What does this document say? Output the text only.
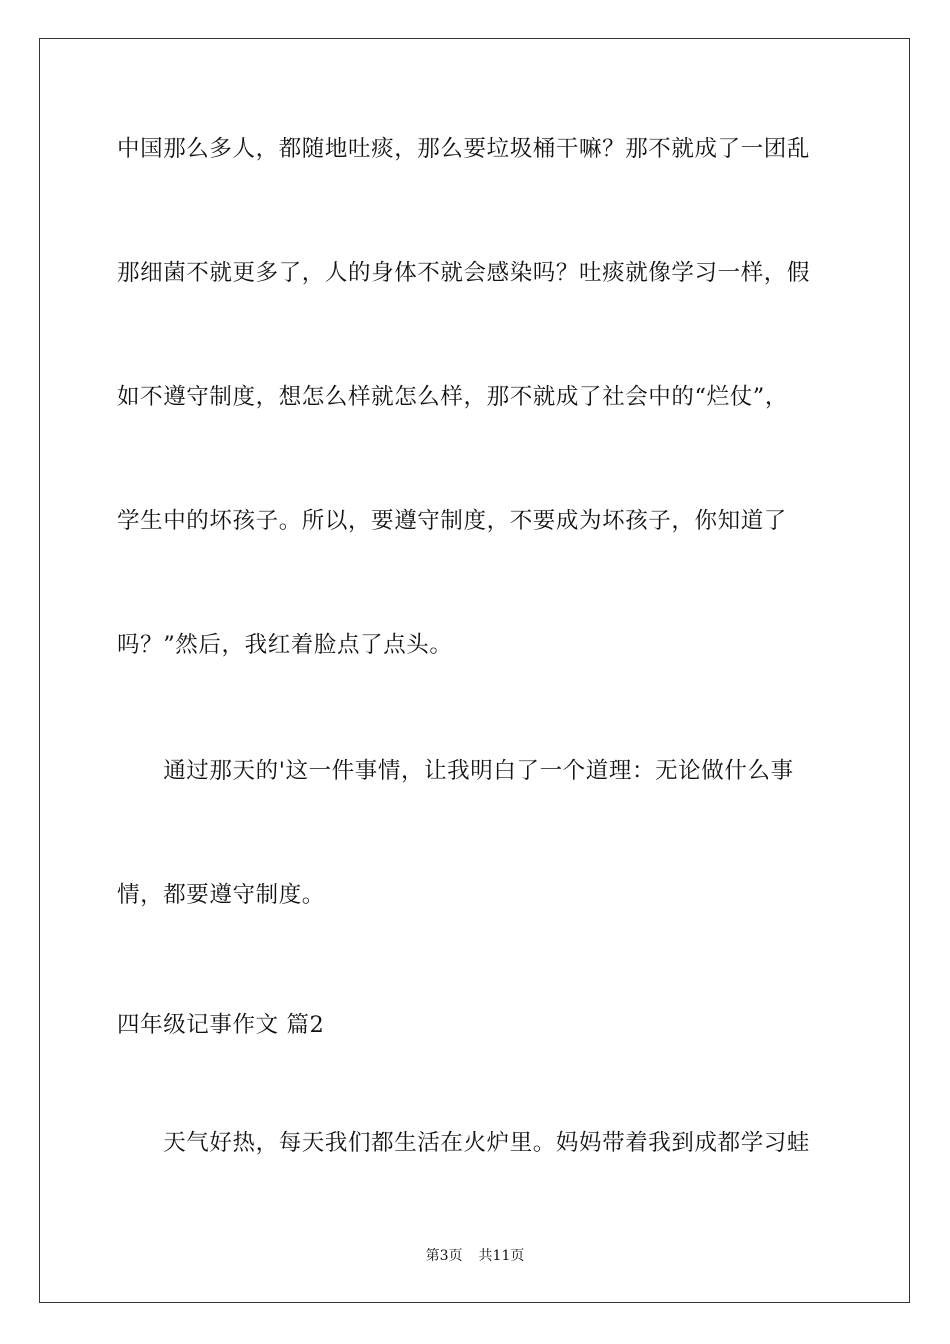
中国那么多人，都随地吐痰，那么要垃圾桶干嘛？那不就成了一团乱
那细菌不就更多了，人的身体不就会感染吗？吐痰就像学习一样，假
如不遵守制度，想怎么样就怎么样，那不就成了社会中的“烂仗”，
学生中的坏孩子。所以，要遵守制度，不要成为坏孩子，你知道了
吗？”然后，我红着脸点了点头。
　　通过那天的'这一件事情，让我明白了一个道理：无论做什么事
情，都要遵守制度。
四年级记事作文 篇2
　　天气好热，每天我们都生活在火炉里。妈妈带着我到成都学习蛙
第3页 共11页
